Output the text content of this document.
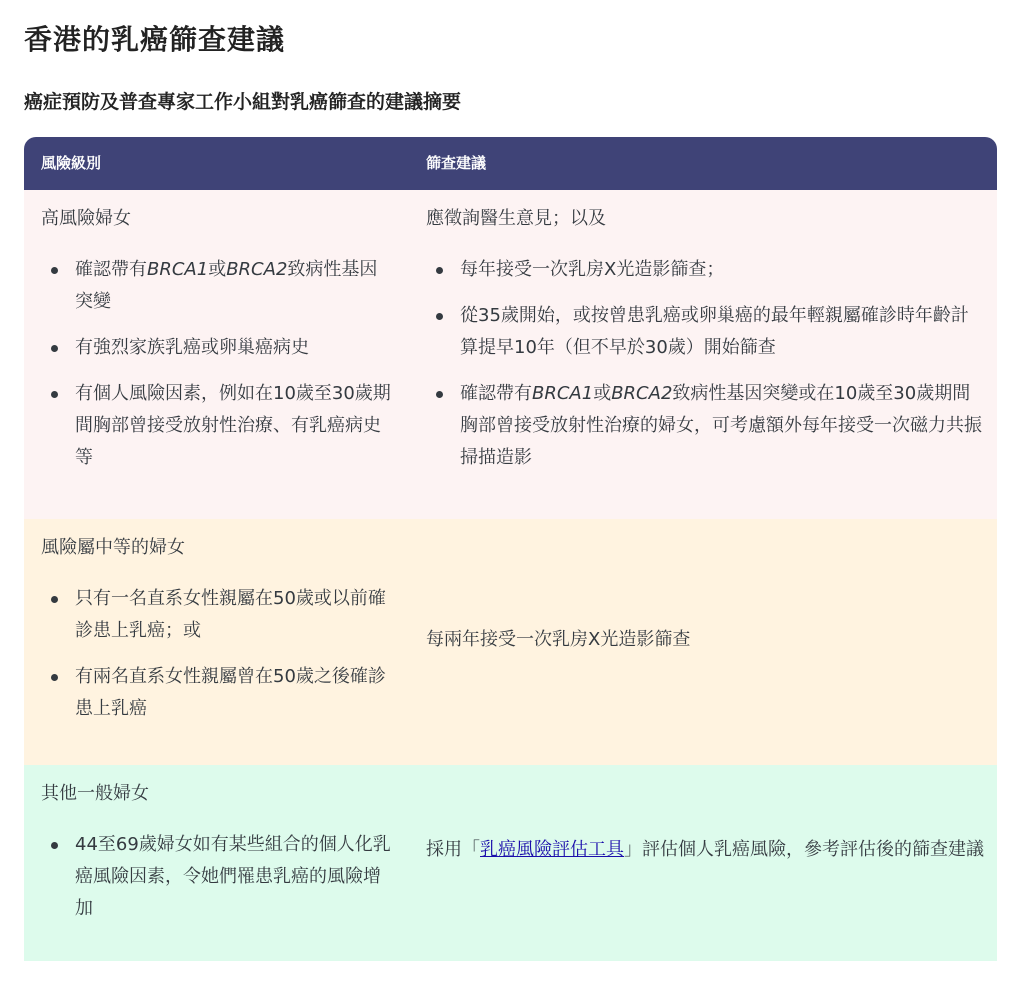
香港的乳癌篩查建議
癌症預防及普查專家工作小組對乳癌篩查的建議摘要
風險級別	篩查建議
高風險婦女
確認帶有BRCA1或BRCA2致病性基因突變
有強烈家族乳癌或卵巢癌病史
有個人風險因素，例如在10歲至30歲期間胸部曾接受放射性治療、有乳癌病史等
應徵詢醫生意見；以及
每年接受一次乳房X光造影篩查；
從35歲開始，或按曾患乳癌或卵巢癌的最年輕親屬確診時年齡計算提早10年（但不早於30歲）開始篩查
確認帶有BRCA1或BRCA2致病性基因突變或在10歲至30歲期間胸部曾接受放射性治療的婦女，可考慮額外每年接受一次磁力共振掃描造影
風險屬中等的婦女
只有一名直系女性親屬在50歲或以前確診患上乳癌；或
有兩名直系女性親屬曾在50歲之後確診患上乳癌
每兩年接受一次乳房X光造影篩查
其他一般婦女
44至69歲婦女如有某些組合的個人化乳癌風險因素，令她們罹患乳癌的風險增加
採用「乳癌風險評估工具」評估個人乳癌風險，參考評估後的篩查建議
